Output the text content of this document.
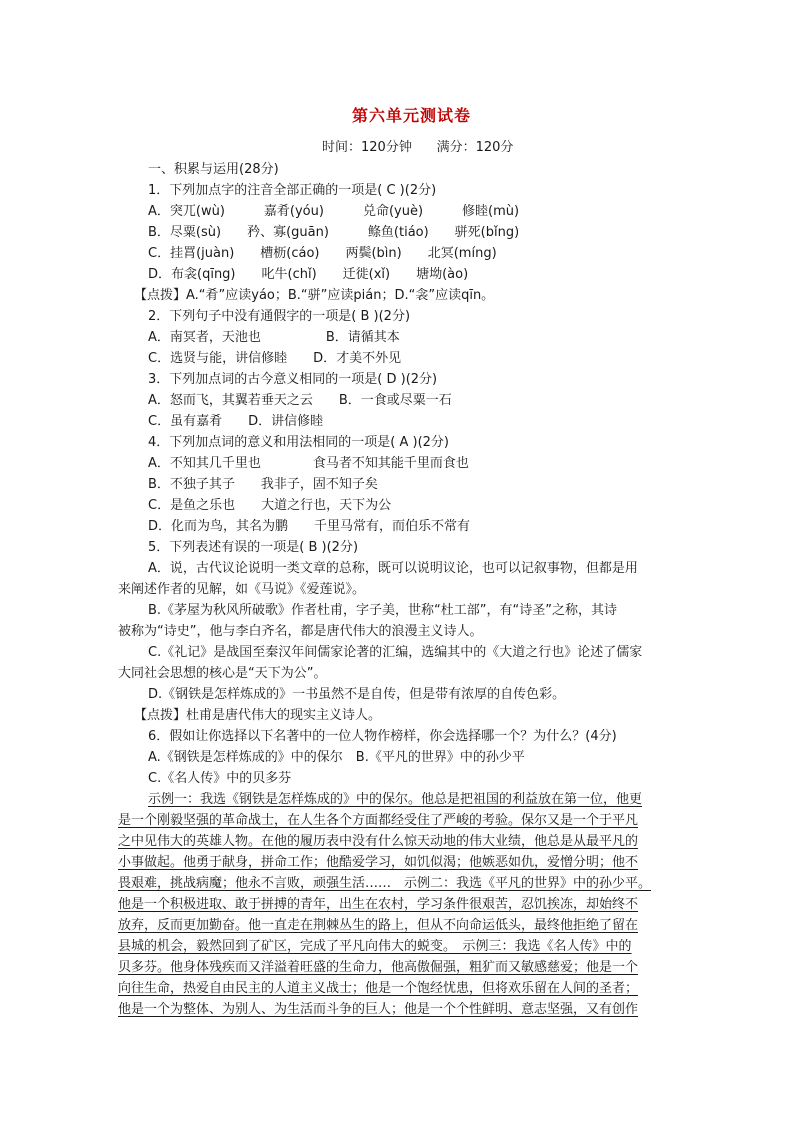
第六单元测试卷
时间：120分钟      满分：120分
一、积累与运用(28分)
1．下列加点字的注音全部正确的一项是( C )(2分)
A．突兀(wù)　　　嘉肴(yóu)　　　兑命(yuè)　　　修睦(mù)
B．尽粟(sù)　　矜、寡(guān)　　　鲦鱼(tiáo)　　骈死(bǐng)
C．挂罥(juàn)　　槽枥(cáo)　　两鬓(bìn)　　北冥(míng)
D．布衾(qīng)　　叱牛(chǐ)　　迁徙(xǐ)　　塘坳(ào)
【点拨】A.“肴”应读yáo；B.“骈”应读pián；D.“衾”应读qīn。
2．下列句子中没有通假字的一项是( B )(2分)
A．南冥者，天池也　　　　　B．请循其本
C．选贤与能，讲信修睦　　D．才美不外见
3．下列加点词的古今意义相同的一项是( D )(2分)
A．怒而飞，其翼若垂天之云　　B．一食或尽粟一石
C．虽有嘉肴　　D．讲信修睦
4．下列加点词的意义和用法相同的一项是( A )(2分)
A．不知其几千里也　　　　食马者不知其能千里而食也
B．不独子其子　　我非子，固不知子矣
C．是鱼之乐也　　大道之行也，天下为公
D．化而为鸟，其名为鹏　　千里马常有，而伯乐不常有
5．下列表述有误的一项是( B )(2分)
A．说，古代议论说明一类文章的总称，既可以说明议论，也可以记叙事物，但都是用
来阐述作者的见解，如《马说》《爱莲说》。
B.《茅屋为秋风所破歌》作者杜甫，字子美，世称“杜工部”，有“诗圣”之称，其诗
被称为“诗史”，他与李白齐名，都是唐代伟大的浪漫主义诗人。
C.《礼记》是战国至秦汉年间儒家论著的汇编，选编其中的《大道之行也》论述了儒家
大同社会思想的核心是“天下为公”。
D.《钢铁是怎样炼成的》一书虽然不是自传，但是带有浓厚的自传色彩。
【点拨】杜甫是唐代伟大的现实主义诗人。
6．假如让你选择以下名著中的一位人物作榜样，你会选择哪一个？为什么？(4分)
A.《钢铁是怎样炼成的》中的保尔　B.《平凡的世界》中的孙少平
C.《名人传》中的贝多芬
示例一：我选《钢铁是怎样炼成的》中的保尔。他总是把祖国的利益放在第一位，他更
是一个刚毅坚强的革命战士，在人生各个方面都经受住了严峻的考验。保尔又是一个于平凡
之中见伟大的英雄人物。在他的履历表中没有什么惊天动地的伟大业绩，他总是从最平凡的
小事做起。他勇于献身，拼命工作；他酷爱学习，如饥似渴；他嫉恶如仇，爱憎分明；他不
畏艰难，挑战病魔；他永不言败，顽强生活……　示例二：我选《平凡的世界》中的孙少平。
他是一个积极进取、敢于拼搏的青年，出生在农村，学习条件很艰苦，忍饥挨冻，却始终不
放弃，反而更加勤奋。他一直走在荆棘丛生的路上，但从不向命运低头，最终他拒绝了留在
县城的机会，毅然回到了矿区，完成了平凡向伟大的蜕变。　示例三：我选《名人传》中的
贝多芬。他身体残疾而又洋溢着旺盛的生命力，他高傲倔强，粗犷而又敏感慈爱；他是一个
向往生命，热爱自由民主的人道主义战士；他是一个饱经忧患，但将欢乐留在人间的圣者；
他是一个为整体、为别人、为生活而斗争的巨人；他是一个个性鲜明、意志坚强，又有创作
